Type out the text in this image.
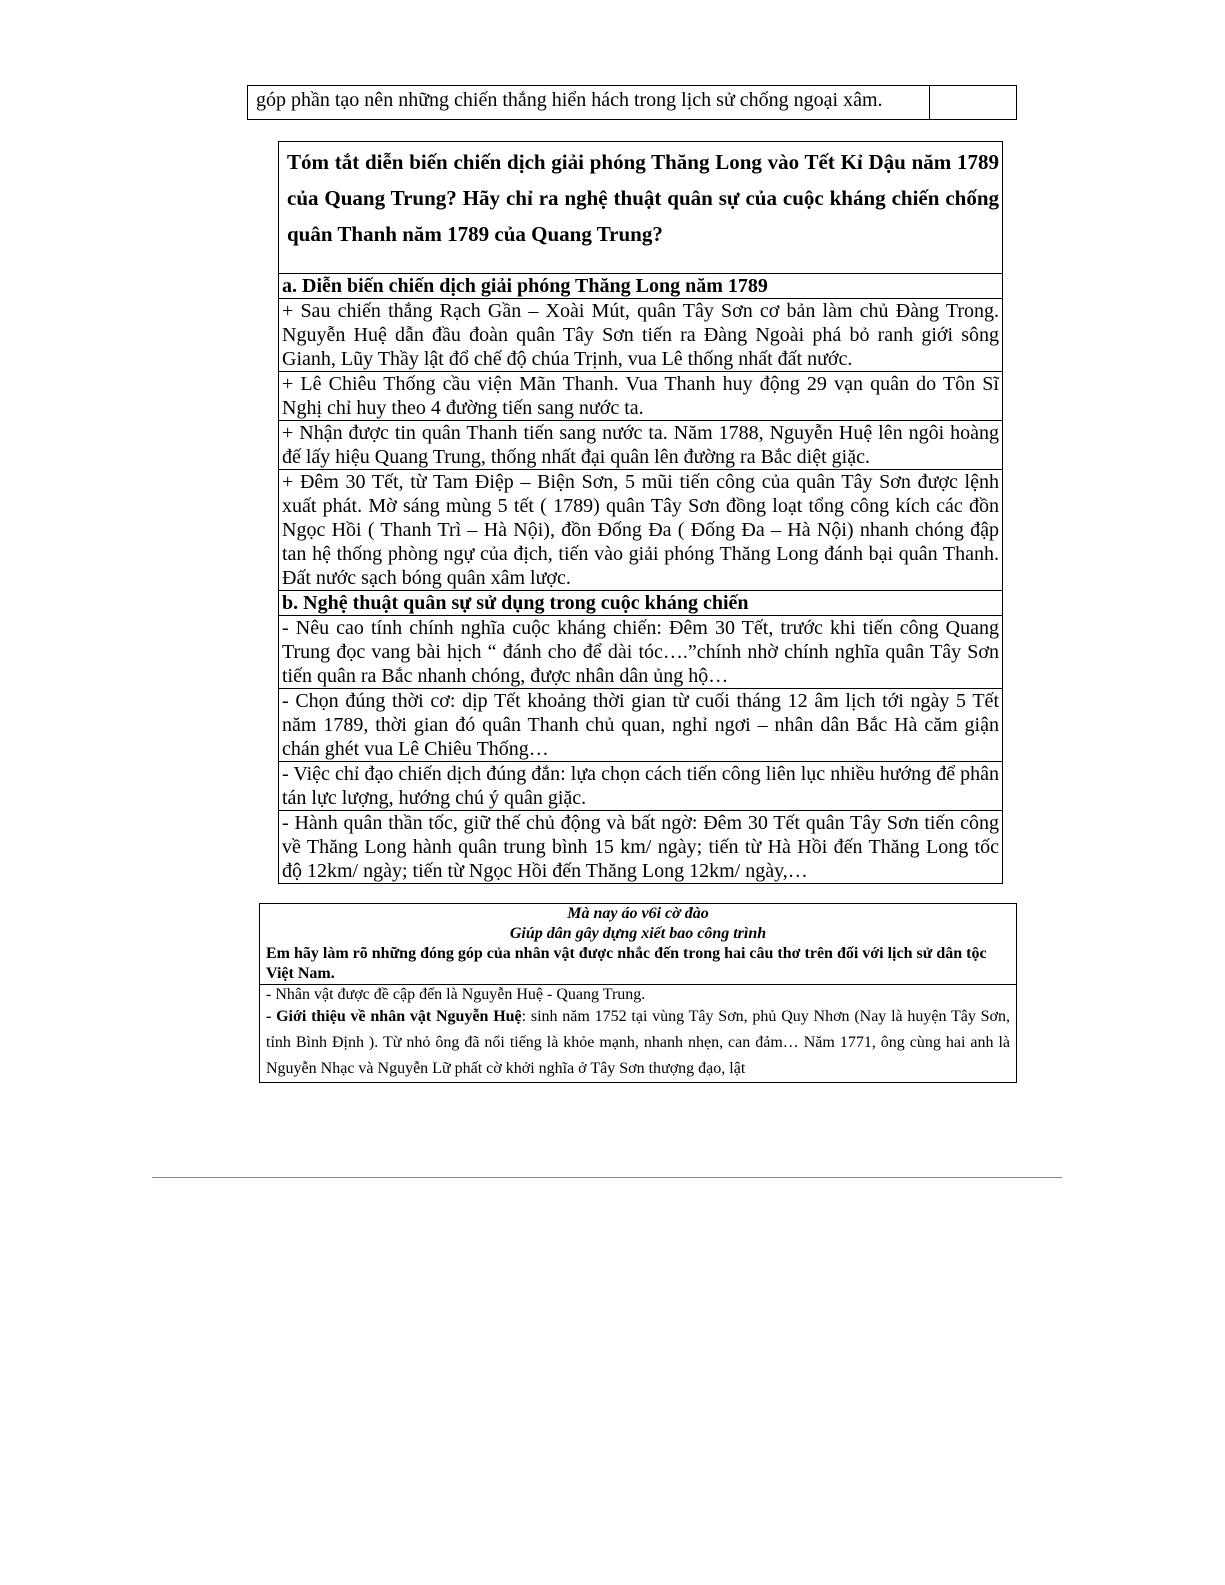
góp phần tạo nên những chiến thắng hiển hách trong lịch sử chống ngoại xâm.	
Tóm tắt diễn biến chiến dịch giải phóng Thăng Long vào Tết Kỉ Dậu năm 1789 của Quang Trung? Hãy chỉ ra nghệ thuật quân sự của cuộc kháng chiến chống quân Thanh năm 1789 của Quang Trung?
a. Diễn biến chiến dịch giải phóng Thăng Long năm 1789
+ Sau chiến thắng Rạch Gần – Xoài Mút, quân Tây Sơn cơ bản làm chủ Đàng Trong. Nguyễn Huệ dẫn đầu đoàn quân Tây Sơn tiến ra Đàng Ngoài phá bỏ ranh giới sông Gianh, Lũy Thầy lật đổ chế độ chúa Trịnh, vua Lê thống nhất đất nước.
+ Lê Chiêu Thống cầu viện Mãn Thanh. Vua Thanh huy động 29 vạn quân do Tôn Sĩ Nghị chỉ huy theo 4 đường tiến sang nước ta.
+ Nhận được tin quân Thanh tiến sang nước ta. Năm 1788, Nguyễn Huệ lên ngôi hoàng đế lấy hiệu Quang Trung, thống nhất đại quân lên đường ra Bắc diệt giặc.
+ Đêm 30 Tết, từ Tam Điệp – Biện Sơn, 5 mũi tiến công của quân Tây Sơn được lệnh xuất phát. Mờ sáng mùng 5 tết ( 1789) quân Tây Sơn đồng loạt tổng công kích các đồn Ngọc Hồi ( Thanh Trì – Hà Nội), đồn Đống Đa ( Đống Đa – Hà Nội) nhanh chóng đập tan hệ thống phòng ngự của địch, tiến vào giải phóng Thăng Long đánh bại quân Thanh. Đất nước sạch bóng quân xâm lược.
b. Nghệ thuật quân sự sử dụng trong cuộc kháng chiến
- Nêu cao tính chính nghĩa cuộc kháng chiến: Đêm 30 Tết, trước khi tiến công Quang Trung đọc vang bài hịch “ đánh cho để dài tóc….”chính nhờ chính nghĩa quân Tây Sơn tiến quân ra Bắc nhanh chóng, được nhân dân ủng hộ…
- Chọn đúng thời cơ: dịp Tết khoảng thời gian từ cuối tháng 12 âm lịch tới ngày 5 Tết năm 1789, thời gian đó quân Thanh chủ quan, nghỉ ngơi – nhân dân Bắc Hà căm giận chán ghét vua Lê Chiêu Thống…
- Việc chỉ đạo chiến dịch đúng đắn: lựa chọn cách tiến công liên lục nhiều hướng để phân tán lực lượng, hướng chú ý quân giặc.
- Hành quân thần tốc, giữ thế chủ động và bất ngờ: Đêm 30 Tết quân Tây Sơn tiến công về Thăng Long hành quân trung bình 15 km/ ngày; tiến từ Hà Hồi đến Thăng Long tốc độ 12km/ ngày; tiến từ Ngọc Hồi đến Thăng Long 12km/ ngày,…
Mà nay áo v6i cờ đào
Giúp dân gây dựng xiết bao công trình
Em hãy làm rõ những đóng góp của nhân vật được nhắc đến trong hai câu thơ trên đối với lịch sử dân tộc Việt Nam.

- Nhân vật được đề cập đến là Nguyễn Huệ - Quang Trung.
- Giới thiệu về nhân vật Nguyễn Huệ: sinh năm 1752 tại vùng Tây Sơn, phủ Quy Nhơn (Nay là huyện Tây Sơn, tỉnh Bình Định ). Từ nhỏ ông đã nổi tiếng là khỏe mạnh, nhanh nhẹn, can đảm… Năm 1771, ông cùng hai anh là Nguyễn Nhạc và Nguyễn Lữ phất cờ khởi nghĩa ở Tây Sơn thượng đạo, lật
